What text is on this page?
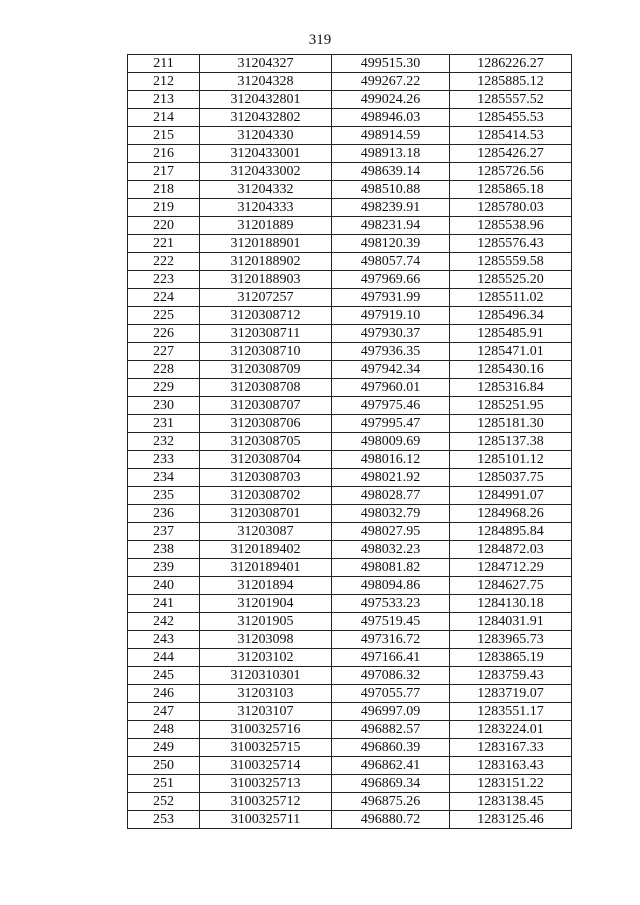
319
211	31204327	499515.30	1286226.27
212	31204328	499267.22	1285885.12
213	3120432801	499024.26	1285557.52
214	3120432802	498946.03	1285455.53
215	31204330	498914.59	1285414.53
216	3120433001	498913.18	1285426.27
217	3120433002	498639.14	1285726.56
218	31204332	498510.88	1285865.18
219	31204333	498239.91	1285780.03
220	31201889	498231.94	1285538.96
221	3120188901	498120.39	1285576.43
222	3120188902	498057.74	1285559.58
223	3120188903	497969.66	1285525.20
224	31207257	497931.99	1285511.02
225	3120308712	497919.10	1285496.34
226	3120308711	497930.37	1285485.91
227	3120308710	497936.35	1285471.01
228	3120308709	497942.34	1285430.16
229	3120308708	497960.01	1285316.84
230	3120308707	497975.46	1285251.95
231	3120308706	497995.47	1285181.30
232	3120308705	498009.69	1285137.38
233	3120308704	498016.12	1285101.12
234	3120308703	498021.92	1285037.75
235	3120308702	498028.77	1284991.07
236	3120308701	498032.79	1284968.26
237	31203087	498027.95	1284895.84
238	3120189402	498032.23	1284872.03
239	3120189401	498081.82	1284712.29
240	31201894	498094.86	1284627.75
241	31201904	497533.23	1284130.18
242	31201905	497519.45	1284031.91
243	31203098	497316.72	1283965.73
244	31203102	497166.41	1283865.19
245	3120310301	497086.32	1283759.43
246	31203103	497055.77	1283719.07
247	31203107	496997.09	1283551.17
248	3100325716	496882.57	1283224.01
249	3100325715	496860.39	1283167.33
250	3100325714	496862.41	1283163.43
251	3100325713	496869.34	1283151.22
252	3100325712	496875.26	1283138.45
253	3100325711	496880.72	1283125.46
